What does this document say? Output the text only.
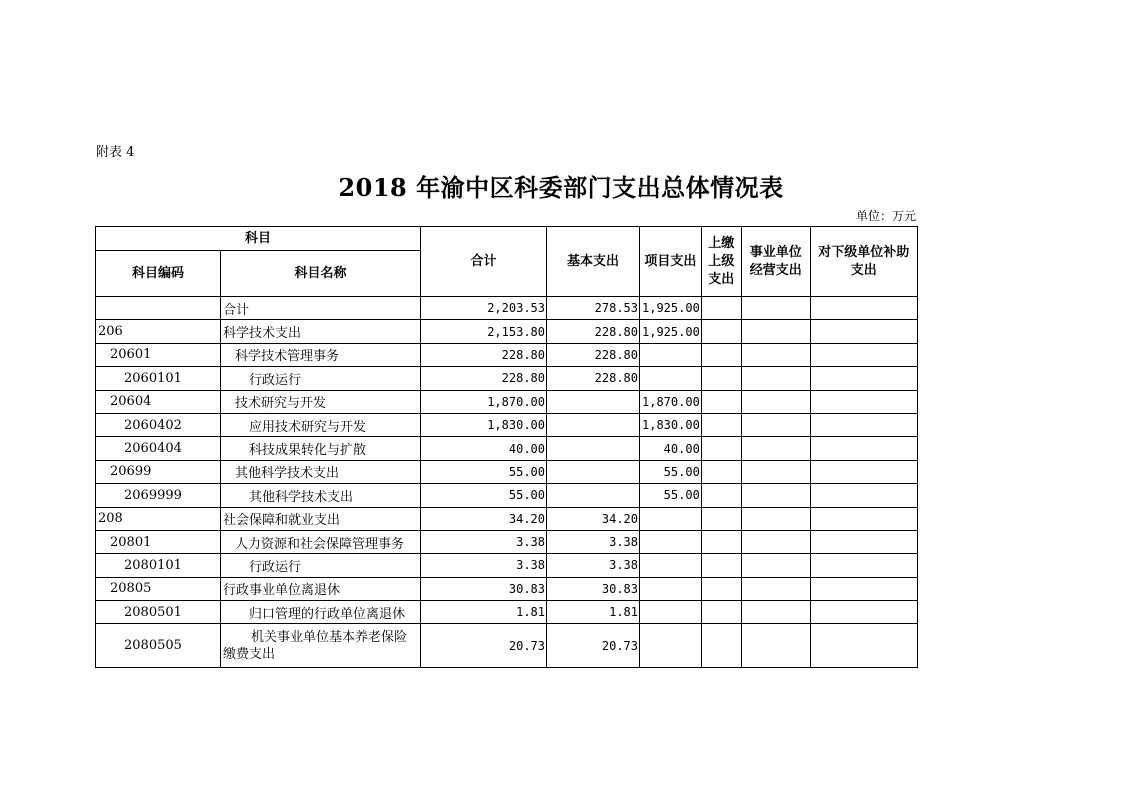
附表 4
2018 年渝中区科委部门支出总体情况表
单位：万元
科目		合计	基本支出	项目支出	上缴上级支出	事业单位经营支出	对下级单位补助支出
科目编码	科目名称						
	合计	2,203.53	278.53	1,925.00			
206	科学技术支出	2,153.80	228.80	1,925.00			
20601	科学技术管理事务	228.80	228.80				
2060101	行政运行	228.80	228.80				
20604	技术研究与开发	1,870.00		1,870.00			
2060402	应用技术研究与开发	1,830.00		1,830.00			
2060404	科技成果转化与扩散	40.00		40.00			
20699	其他科学技术支出	55.00		55.00			
2069999	其他科学技术支出	55.00		55.00			
208	社会保障和就业支出	34.20	34.20				
20801	人力资源和社会保障管理事务	3.38	3.38				
2080101	行政运行	3.38	3.38				
20805	行政事业单位离退休	30.83	30.83				
2080501	归口管理的行政单位离退休	1.81	1.81				
2080505	机关事业单位基本养老保险缴费支出	20.73	20.73				
